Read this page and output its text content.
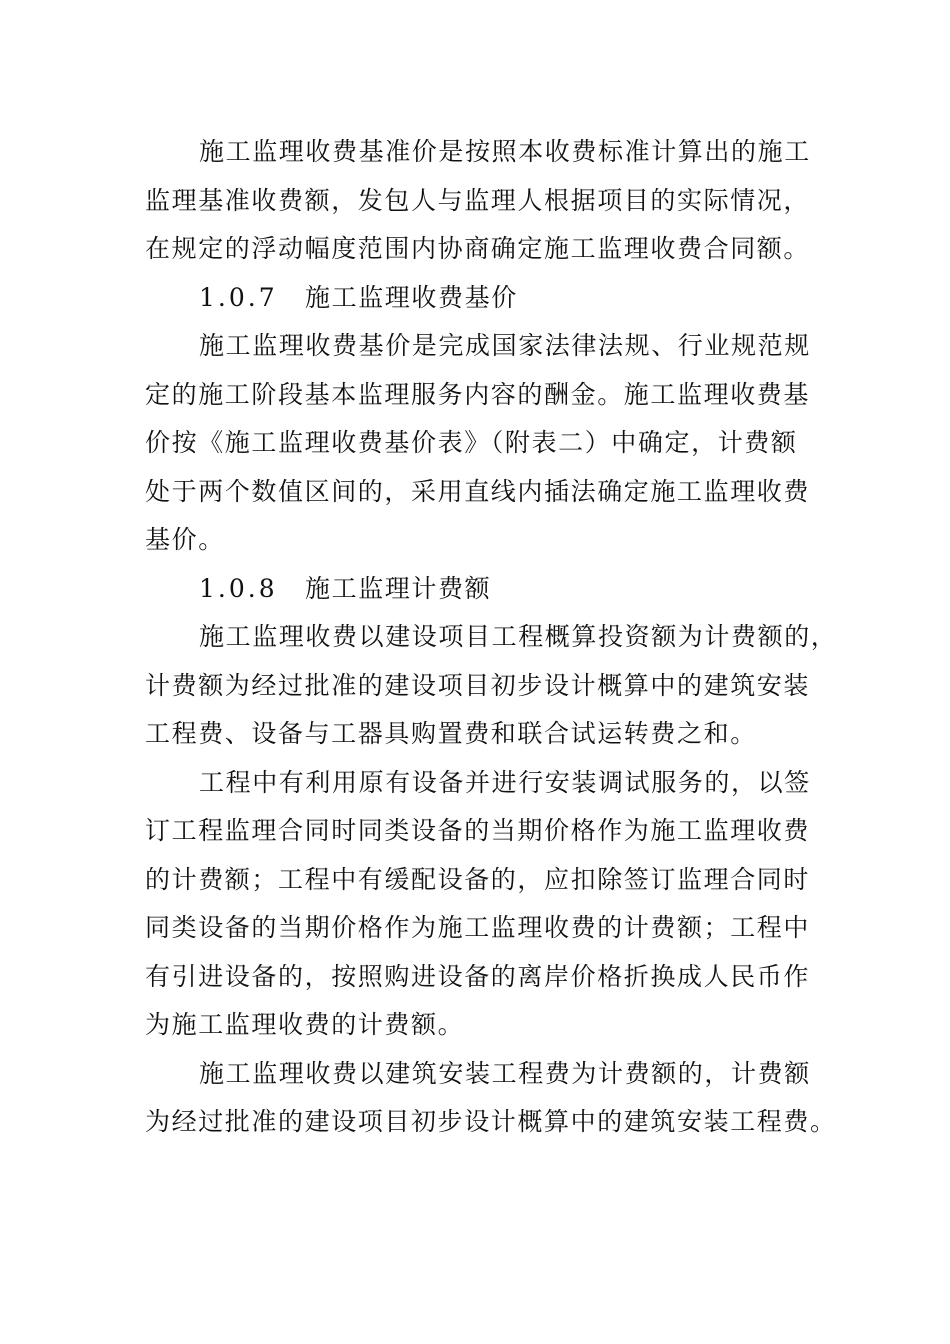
施工监理收费基准价是按照本收费标准计算出的施工
监理基准收费额，发包人与监理人根据项目的实际情况，
在规定的浮动幅度范围内协商确定施工监理收费合同额。
1.0.7 施工监理收费基价
施工监理收费基价是完成国家法律法规、行业规范规
定的施工阶段基本监理服务内容的酬金。施工监理收费基
价按《施工监理收费基价表》（附表二）中确定，计费额
处于两个数值区间的，采用直线内插法确定施工监理收费
基价。
1.0.8 施工监理计费额
施工监理收费以建设项目工程概算投资额为计费额的，
计费额为经过批准的建设项目初步设计概算中的建筑安装
工程费、设备与工器具购置费和联合试运转费之和。
工程中有利用原有设备并进行安装调试服务的，以签
订工程监理合同时同类设备的当期价格作为施工监理收费
的计费额；工程中有缓配设备的，应扣除签订监理合同时
同类设备的当期价格作为施工监理收费的计费额；工程中
有引进设备的，按照购进设备的离岸价格折换成人民币作
为施工监理收费的计费额。
施工监理收费以建筑安装工程费为计费额的，计费额
为经过批准的建设项目初步设计概算中的建筑安装工程费。
